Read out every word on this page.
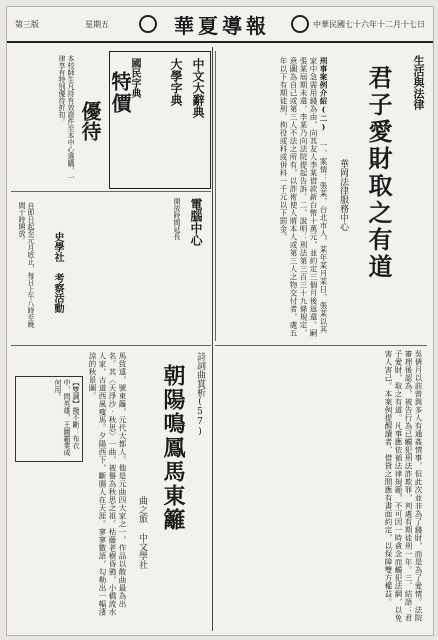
第三版	星期五	華夏導報	中華民國七十六年十二月十七日
生活與法律
君子愛財取之有道
華岡法律服務中心
刑事案例介紹(二) 一、案情：張某，台北市人，某年某月某日，張某以其家中急需用錢為由，向其友人李某借款新台幣十萬元，並約定三個月後返還。嗣張某屆期未還，李某乃向法院提起告訴。二、說明：刑法第三百三十九條規定，意圖為自己或第三人不法之所有，以詐術使人將本人或第三人之物交付者，處五年以下有期徒刑、拘役或科或併科一千元以下罰金。
吳倩月以前曾與多人有通姦情事，但此次並非為了錢財，而是為了愛情。法院審理後認為，被告行為已觸犯刑法詐欺罪，判處有期徒刑一年。三、結語：君子愛財，取之有道。凡事應依循法律規範，不可因一時貪念而觸犯法網，以免害人害己。本案例提醒讀者，借貸之間應有書面約定，以保障雙方權益。
中文大辭典
大學字典
國民字典
特價
優待
本校師生凡持有效證件至本中心選購，一律享有特別優待折扣。
電腦中心
開放時間延長
史學社 考察活動
自即日起至元月底止，每日上午八時至晚間十時開放。
詩詞曲賞析(57)
朝陽鳴鳳馬東籬
曲之旅 中文學社
馬致遠，號東籬，元代大都人。他是元曲四大家之一，作品以散曲最為出名。其〈天淨沙‧秋思〉一曲，被譽為秋思之祖。枯藤老樹昏鴉，小橋流水人家，古道西風瘦馬。夕陽西下，斷腸人在天涯。寥寥數語，勾勒出一幅淒涼的秋景圖。
【雙調】撥不斷：布衣中，問英雄，王圖霸業成何用。
